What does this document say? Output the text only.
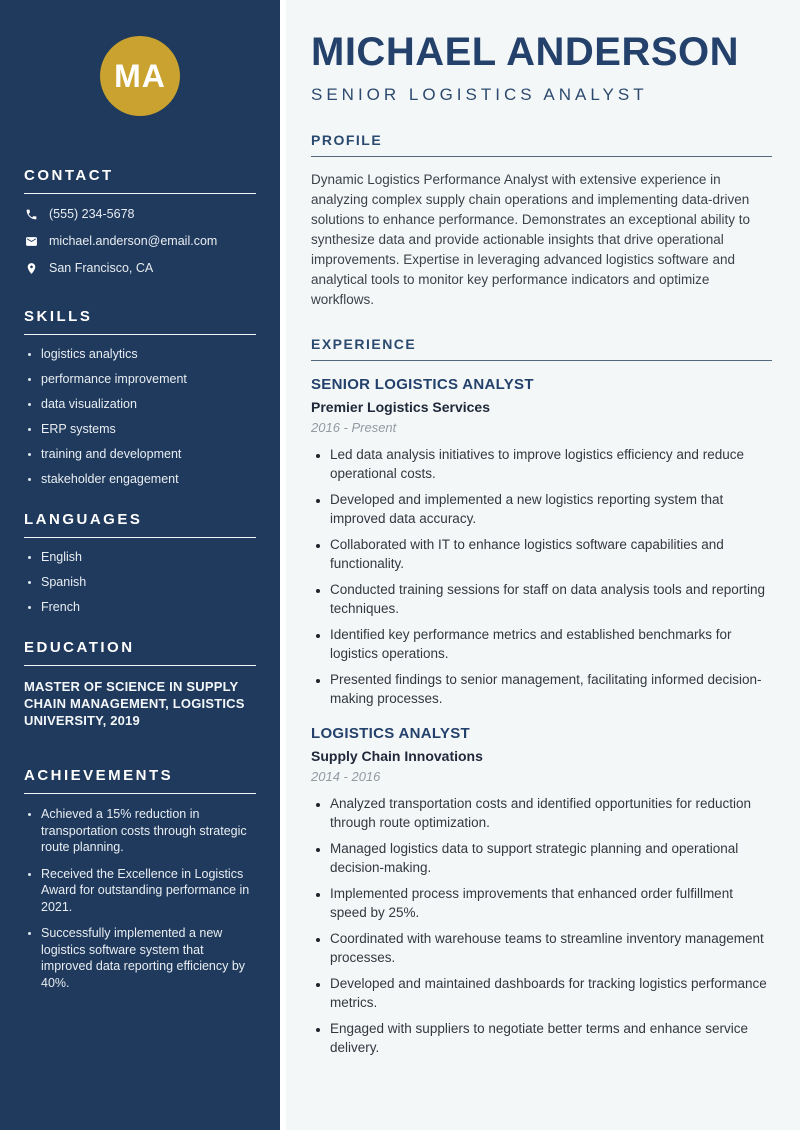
MA
CONTACT
(555) 234-5678
michael.anderson@email.com
San Francisco, CA
SKILLS
• logistics analytics
• performance improvement
• data visualization
• ERP systems
• training and development
• stakeholder engagement
LANGUAGES
• English
• Spanish
• French
EDUCATION

MASTER OF SCIENCE IN SUPPLY CHAIN MANAGEMENT, LOGISTICS UNIVERSITY, 2019

ACHIEVEMENTS
• Achieved a 15% reduction in transportation costs through strategic route planning.
• Received the Excellence in Logistics Award for outstanding performance in 2021.
• Successfully implemented a new logistics software system that improved data reporting efficiency by 40%.
MICHAEL ANDERSON
SENIOR LOGISTICS ANALYST
PROFILE

Dynamic Logistics Performance Analyst with extensive experience in analyzing complex supply chain operations and implementing data-driven solutions to enhance performance. Demonstrates an exceptional ability to synthesize data and provide actionable insights that drive operational improvements. Expertise in leveraging advanced logistics software and analytical tools to monitor key performance indicators and optimize workflows.

EXPERIENCE
SENIOR LOGISTICS ANALYST
Premier Logistics Services
2016 - Present
• Led data analysis initiatives to improve logistics efficiency and reduce operational costs.
• Developed and implemented a new logistics reporting system that improved data accuracy.
• Collaborated with IT to enhance logistics software capabilities and functionality.
• Conducted training sessions for staff on data analysis tools and reporting techniques.
• Identified key performance metrics and established benchmarks for logistics operations.
• Presented findings to senior management, facilitating informed decision-making processes.
LOGISTICS ANALYST
Supply Chain Innovations
2014 - 2016
• Analyzed transportation costs and identified opportunities for reduction through route optimization.
• Managed logistics data to support strategic planning and operational decision-making.
• Implemented process improvements that enhanced order fulfillment speed by 25%.
• Coordinated with warehouse teams to streamline inventory management processes.
• Developed and maintained dashboards for tracking logistics performance metrics.
• Engaged with suppliers to negotiate better terms and enhance service delivery.
